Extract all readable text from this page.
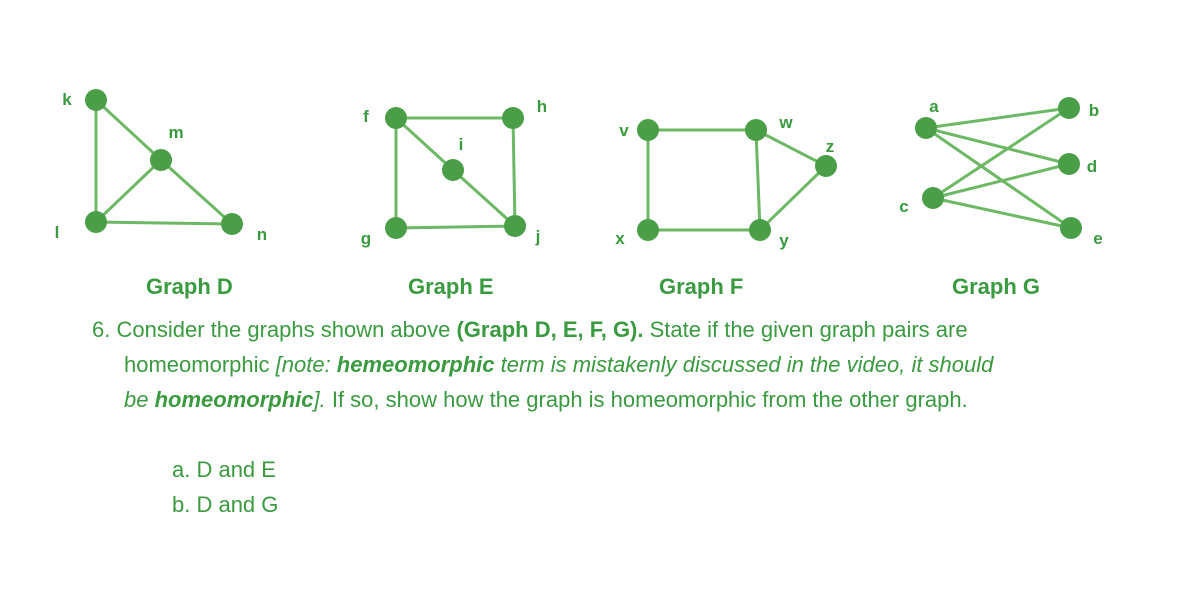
k
m
l	n
f
h
i
g	j
v	w
z
x	y
a
c
b
d
e
Graph D	Graph E	Graph F	Graph G
6. Consider the graphs shown above (Graph D, E, F, G). State if the given graph pairs are
homeomorphic [note: hemeomorphic term is mistakenly discussed in the video, it should
be homeomorphic]. If so, show how the graph is homeomorphic from the other graph.
a. D and E
b. D and G
